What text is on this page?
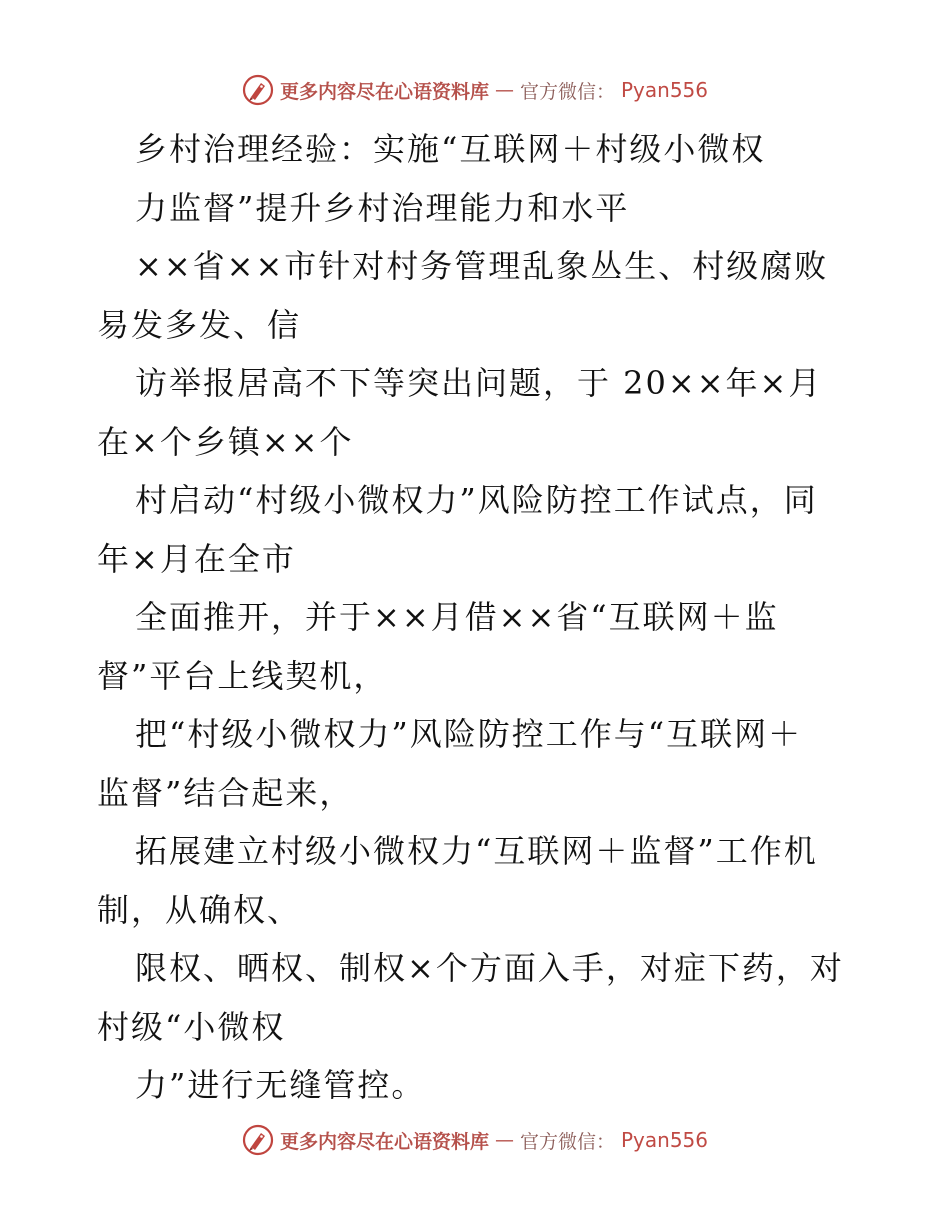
更多内容尽在心语资料库 — 官方微信： Pyan556
乡村治理经验：实施“互联网＋村级小微权
力监督”提升乡村治理能力和水平
××省××市针对村务管理乱象丛生、村级腐败
易发多发、信
访举报居高不下等突出问题，于 20××年×月
在×个乡镇××个
村启动“村级小微权力”风险防控工作试点，同
年×月在全市
全面推开，并于××月借××省“互联网＋监
督”平台上线契机，
把“村级小微权力”风险防控工作与“互联网＋
监督”结合起来，
拓展建立村级小微权力“互联网＋监督”工作机
制，从确权、
限权、晒权、制权×个方面入手，对症下药，对
村级“小微权
力”进行无缝管控。
更多内容尽在心语资料库 — 官方微信： Pyan556
